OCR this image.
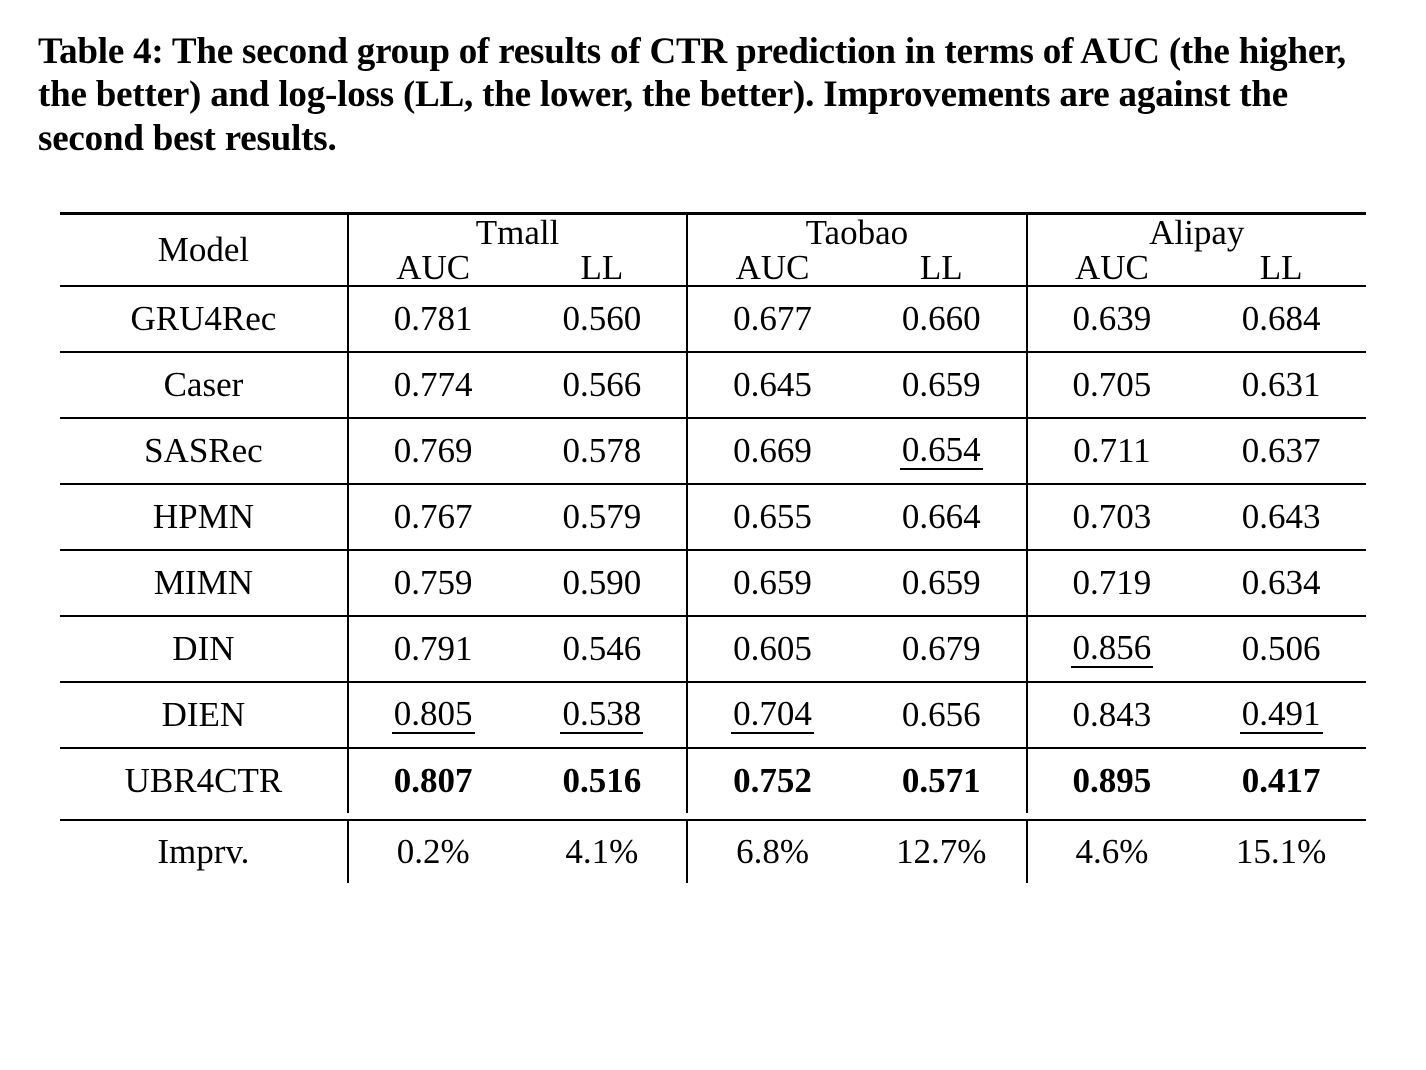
Table 4: The second group of results of CTR prediction in terms of AUC (the higher, the better) and log-loss (LL, the lower, the better). Improvements are against the second best results.
Model	Tmall		Taobao		Alipay	
	AUC	LL	AUC	LL	AUC	LL
GRU4Rec	0.781	0.560	0.677	0.660	0.639	0.684
Caser	0.774	0.566	0.645	0.659	0.705	0.631
SASRec	0.769	0.578	0.669	0.654	0.711	0.637
HPMN	0.767	0.579	0.655	0.664	0.703	0.643
MIMN	0.759	0.590	0.659	0.659	0.719	0.634
DIN	0.791	0.546	0.605	0.679	0.856	0.506
DIEN	0.805	0.538	0.704	0.656	0.843	0.491
UBR4CTR	0.807	0.516	0.752	0.571	0.895	0.417

Imprv.	0.2%	4.1%	6.8%	12.7%	4.6%	15.1%
